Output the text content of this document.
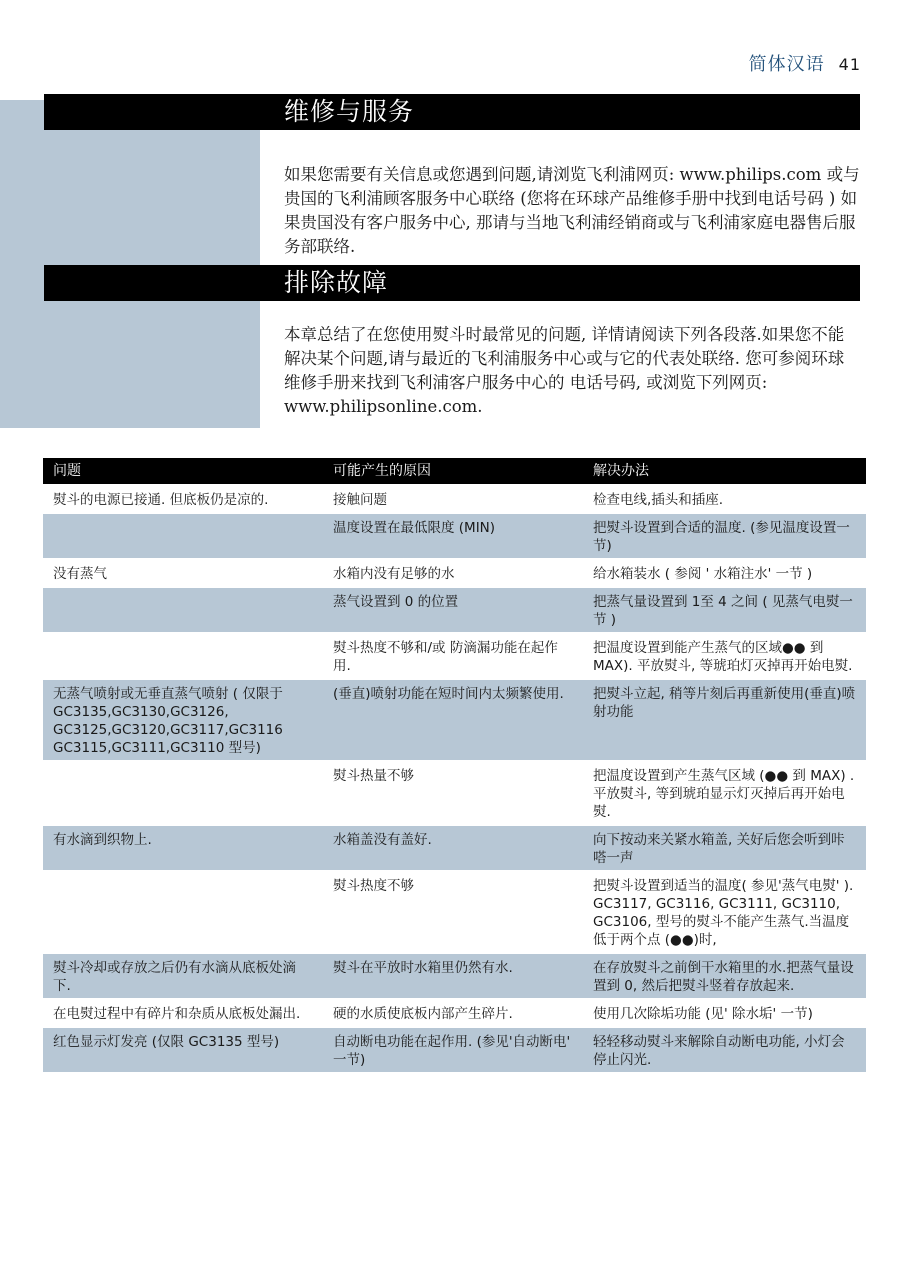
简体汉语 41
维修与服务
如果您需要有关信息或您遇到问题,请浏览飞利浦网页: www.philips.com 或与贵国的飞利浦顾客服务中心联络 (您将在环球产品维修手册中找到电话号码 ) 如果贵国没有客户服务中心, 那请与当地飞利浦经销商或与飞利浦家庭电器售后服务部联络.
排除故障
本章总结了在您使用熨斗时最常见的问题, 详情请阅读下列各段落.如果您不能解决某个问题,请与最近的飞利浦服务中心或与它的代表处联络. 您可参阅环球维修手册来找到飞利浦客户服务中心的 电话号码, 或浏览下列网页: www.philipsonline.com.
问题	可能产生的原因	解决办法
熨斗的电源已接通. 但底板仍是凉的.	接触问题	检查电线,插头和插座.
	温度设置在最低限度 (MIN)	把熨斗设置到合适的温度. (参见温度设置一节)
没有蒸气	水箱内没有足够的水	给水箱装水 ( 参阅 ' 水箱注水' 一节 )
	蒸气设置到 0 的位置	把蒸气量设置到 1至 4 之间 ( 见蒸气电熨一节 )
	熨斗热度不够和/或 防滴漏功能在起作用.	把温度设置到能产生蒸气的区域●● 到 MAX). 平放熨斗, 等琥珀灯灭掉再开始电熨.
无蒸气喷射或无垂直蒸气喷射 ( 仅限于 GC3135,GC3130,GC3126, GC3125,GC3120,GC3117,GC3116 GC3115,GC3111,GC3110 型号)	(垂直)喷射功能在短时间内太频繁使用.	把熨斗立起, 稍等片刻后再重新使用(垂直)喷射功能
	熨斗热量不够	把温度设置到产生蒸气区域 (●● 到 MAX) . 平放熨斗, 等到琥珀显示灯灭掉后再开始电熨.
有水滴到织物上.	水箱盖没有盖好.	向下按动来关紧水箱盖, 关好后您会听到咔嗒一声
	熨斗热度不够	把熨斗设置到适当的温度( 参见'蒸气电熨' ). GC3117, GC3116, GC3111, GC3110, GC3106, 型号的熨斗不能产生蒸气.当温度低于两个点 (●●)时,
熨斗冷却或存放之后仍有水滴从底板处滴下.	熨斗在平放时水箱里仍然有水.	在存放熨斗之前倒干水箱里的水.把蒸气量设置到 0, 然后把熨斗竖着存放起来.
在电熨过程中有碎片和杂质从底板处漏出.	硬的水质使底板内部产生碎片.	使用几次除垢功能 (见' 除水垢' 一节)
红色显示灯发亮 (仅限 GC3135 型号)	自动断电功能在起作用. (参见'自动断电' 一节)	轻轻移动熨斗来解除自动断电功能, 小灯会停止闪光.
